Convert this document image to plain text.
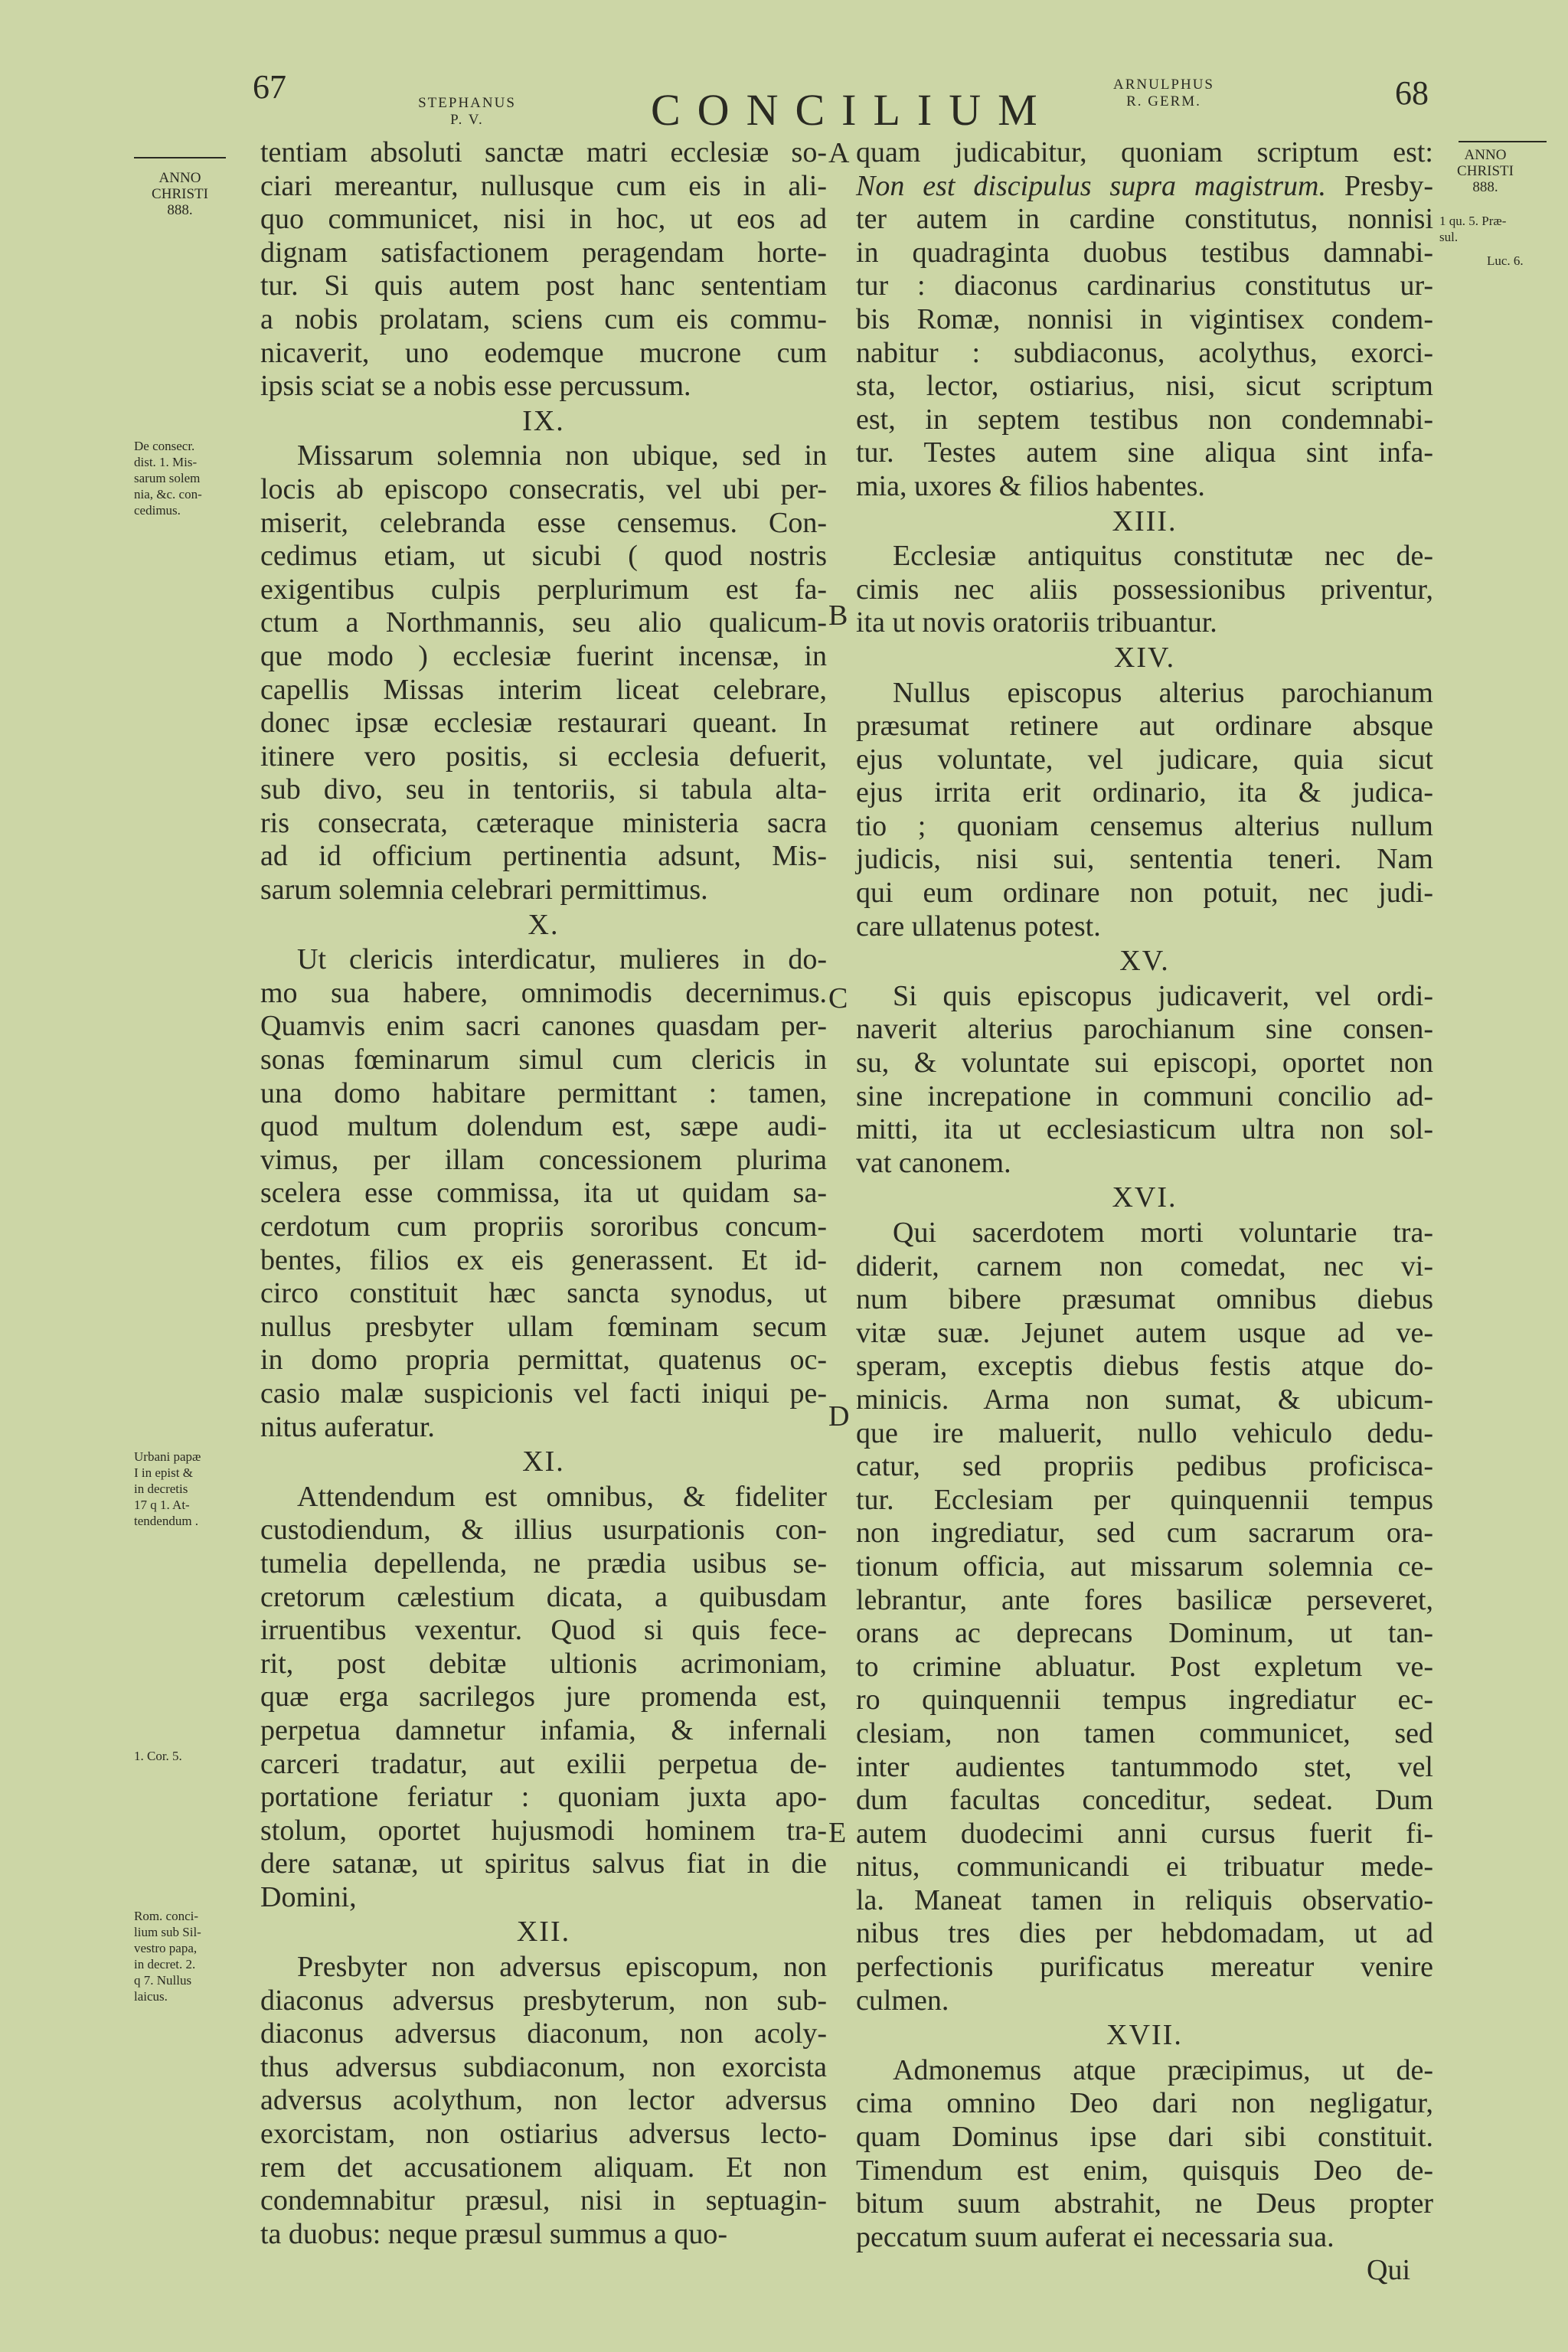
67	STEPHANUS
P. V.	CONCILIUM
ARNULPHUS
R. GERM.	68
ANNO
CHRISTI
888.
De consecr.
dist. 1. Mis-
sarum solem
nia, &c. con-
cedimus.
Urbani papæ
I in epist &
in decretis
17 q 1. At-
tendendum .
1. Cor. 5.
Rom. conci-
lium sub Sil-
vestro papa,
in decret. 2.
q 7. Nullus
laicus.
ANNO
CHRISTI
888.
1 qu. 5. Præ-
sul.
Luc. 6.
A
B
C
D
E
tentiam absoluti sanctæ matri ecclesiæ so-
ciari mereantur, nullusque cum eis in ali-
quo communicet, nisi in hoc, ut eos ad
dignam satisfactionem peragendam horte-
tur. Si quis autem post hanc sententiam
a nobis prolatam, sciens cum eis commu-
nicaverit, uno eodemque mucrone cum
ipsis sciat se a nobis esse percussum.
IX.
Missarum solemnia non ubique, sed in
locis ab episcopo consecratis, vel ubi per-
miserit, celebranda esse censemus. Con-
cedimus etiam, ut sicubi ( quod nostris
exigentibus culpis perplurimum est fa-
ctum a Northmannis, seu alio qualicum-
que modo ) ecclesiæ fuerint incensæ, in
capellis Missas interim liceat celebrare,
donec ipsæ ecclesiæ restaurari queant. In
itinere vero positis, si ecclesia defuerit,
sub divo, seu in tentoriis, si tabula alta-
ris consecrata, cæteraque ministeria sacra
ad id officium pertinentia adsunt, Mis-
sarum solemnia celebrari permittimus.
X.
Ut clericis interdicatur, mulieres in do-
mo sua habere, omnimodis decernimus.
Quamvis enim sacri canones quasdam per-
sonas fœminarum simul cum clericis in
una domo habitare permittant : tamen,
quod multum dolendum est, sæpe audi-
vimus, per illam concessionem plurima
scelera esse commissa, ita ut quidam sa-
cerdotum cum propriis sororibus concum-
bentes, filios ex eis generassent. Et id-
circo constituit hæc sancta synodus, ut
nullus presbyter ullam fœminam secum
in domo propria permittat, quatenus oc-
casio malæ suspicionis vel facti iniqui pe-
nitus auferatur.
XI.
Attendendum est omnibus, & fideliter
custodiendum, & illius usurpationis con-
tumelia depellenda, ne prædia usibus se-
cretorum cælestium dicata, a quibusdam
irruentibus vexentur. Quod si quis fece-
rit, post debitæ ultionis acrimoniam,
quæ erga sacrilegos jure promenda est,
perpetua damnetur infamia, & infernali
carceri tradatur, aut exilii perpetua de-
portatione feriatur : quoniam juxta apo-
stolum, oportet hujusmodi hominem tra-
dere satanæ, ut spiritus salvus fiat in die
Domini,
XII.
Presbyter non adversus episcopum, non
diaconus adversus presbyterum, non sub-
diaconus adversus diaconum, non acoly-
thus adversus subdiaconum, non exorcista
adversus acolythum, non lector adversus
exorcistam, non ostiarius adversus lecto-
rem det accusationem aliquam. Et non
condemnabitur præsul, nisi in septuagin-
ta duobus: neque præsul summus a quo-
quam judicabitur, quoniam scriptum est:
Non est discipulus supra magistrum. Presby-
ter autem in cardine constitutus, nonnisi
in quadraginta duobus testibus damnabi-
tur : diaconus cardinarius constitutus ur-
bis Romæ, nonnisi in vigintisex condem-
nabitur : subdiaconus, acolythus, exorci-
sta, lector, ostiarius, nisi, sicut scriptum
est, in septem testibus non condemnabi-
tur. Testes autem sine aliqua sint infa-
mia, uxores & filios habentes.
XIII.
Ecclesiæ antiquitus constitutæ nec de-
cimis nec aliis possessionibus priventur,
ita ut novis oratoriis tribuantur.
XIV.
Nullus episcopus alterius parochianum
præsumat retinere aut ordinare absque
ejus voluntate, vel judicare, quia sicut
ejus irrita erit ordinario, ita & judica-
tio ; quoniam censemus alterius nullum
judicis, nisi sui, sententia teneri. Nam
qui eum ordinare non potuit, nec judi-
care ullatenus potest.
XV.
Si quis episcopus judicaverit, vel ordi-
naverit alterius parochianum sine consen-
su, & voluntate sui episcopi, oportet non
sine increpatione in communi concilio ad-
mitti, ita ut ecclesiasticum ultra non sol-
vat canonem.
XVI.
Qui sacerdotem morti voluntarie tra-
diderit, carnem non comedat, nec vi-
num bibere præsumat omnibus diebus
vitæ suæ. Jejunet autem usque ad ve-
speram, exceptis diebus festis atque do-
minicis. Arma non sumat, & ubicum-
que ire maluerit, nullo vehiculo dedu-
catur, sed propriis pedibus proficisca-
tur. Ecclesiam per quinquennii tempus
non ingrediatur, sed cum sacrarum ora-
tionum officia, aut missarum solemnia ce-
lebrantur, ante fores basilicæ perseveret,
orans ac deprecans Dominum, ut tan-
to crimine abluatur. Post expletum ve-
ro quinquennii tempus ingrediatur ec-
clesiam, non tamen communicet, sed
inter audientes tantummodo stet, vel
dum facultas conceditur, sedeat. Dum
autem duodecimi anni cursus fuerit fi-
nitus, communicandi ei tribuatur mede-
la. Maneat tamen in reliquis observatio-
nibus tres dies per hebdomadam, ut ad
perfectionis purificatus mereatur venire
culmen.
XVII.
Admonemus atque præcipimus, ut de-
cima omnino Deo dari non negligatur,
quam Dominus ipse dari sibi constituit.
Timendum est enim, quisquis Deo de-
bitum suum abstrahit, ne Deus propter
peccatum suum auferat ei necessaria sua.
Qui
